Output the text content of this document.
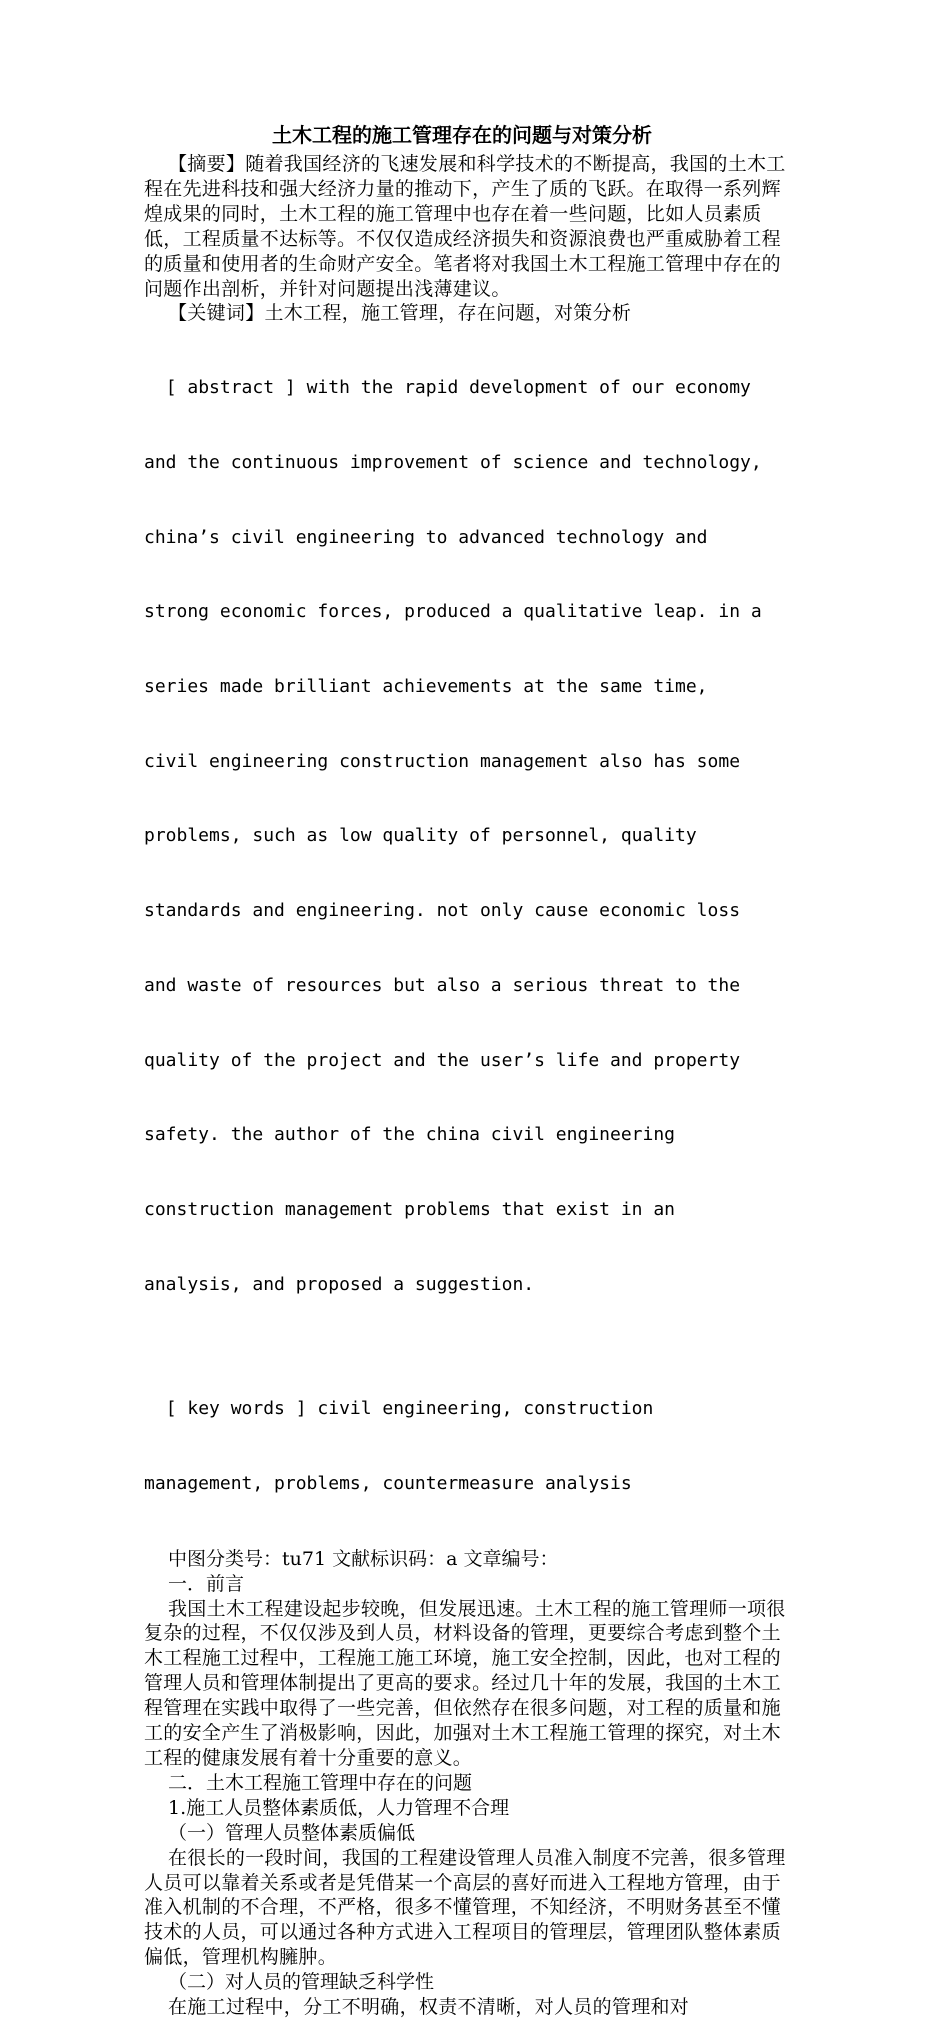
土木工程的施工管理存在的问题与对策分析

【摘要】随着我国经济的飞速发展和科学技术的不断提高，我国的土木工程在先进科技和强大经济力量的推动下，产生了质的飞跃。在取得一系列辉煌成果的同时，土木工程的施工管理中也存在着一些问题，比如人员素质低，工程质量不达标等。不仅仅造成经济损失和资源浪费也严重威胁着工程的质量和使用者的生命财产安全。笔者将对我国土木工程施工管理中存在的问题作出剖析，并针对问题提出浅薄建议。

【关键词】土木工程，施工管理，存在问题，对策分析

[ abstract ] with the rapid development of our economy

and the continuous improvement of science and technology,

china’s civil engineering to advanced technology and

strong economic forces, produced a qualitative leap. in a

series made brilliant achievements at the same time,

civil engineering construction management also has some

problems, such as low quality of personnel, quality

standards and engineering. not only cause economic loss

and waste of resources but also a serious threat to the

quality of the project and the user’s life and property

safety. the author of the china civil engineering

construction management problems that exist in an

analysis, and proposed a suggestion.

[ key words ] civil engineering, construction

management, problems, countermeasure analysis

中图分类号：tu71 文献标识码：a 文章编号：

一．前言

我国土木工程建设起步较晚，但发展迅速。土木工程的施工管理师一项很复杂的过程，不仅仅涉及到人员，材料设备的管理，更要综合考虑到整个土木工程施工过程中，工程施工施工环境，施工安全控制，因此，也对工程的管理人员和管理体制提出了更高的要求。经过几十年的发展，我国的土木工程管理在实践中取得了一些完善，但依然存在很多问题，对工程的质量和施工的安全产生了消极影响，因此，加强对土木工程施工管理的探究，对土木工程的健康发展有着十分重要的意义。

二．土木工程施工管理中存在的问题

1.施工人员整体素质低，人力管理不合理

（一）管理人员整体素质偏低

在很长的一段时间，我国的工程建设管理人员准入制度不完善，很多管理人员可以靠着关系或者是凭借某一个高层的喜好而进入工程地方管理，由于准入机制的不合理，不严格，很多不懂管理，不知经济，不明财务甚至不懂技术的人员，可以通过各种方式进入工程项目的管理层，管理团队整体素质偏低，管理机构臃肿。

（二）对人员的管理缺乏科学性

在施工过程中，分工不明确，权责不清晰，对人员的管理和对
